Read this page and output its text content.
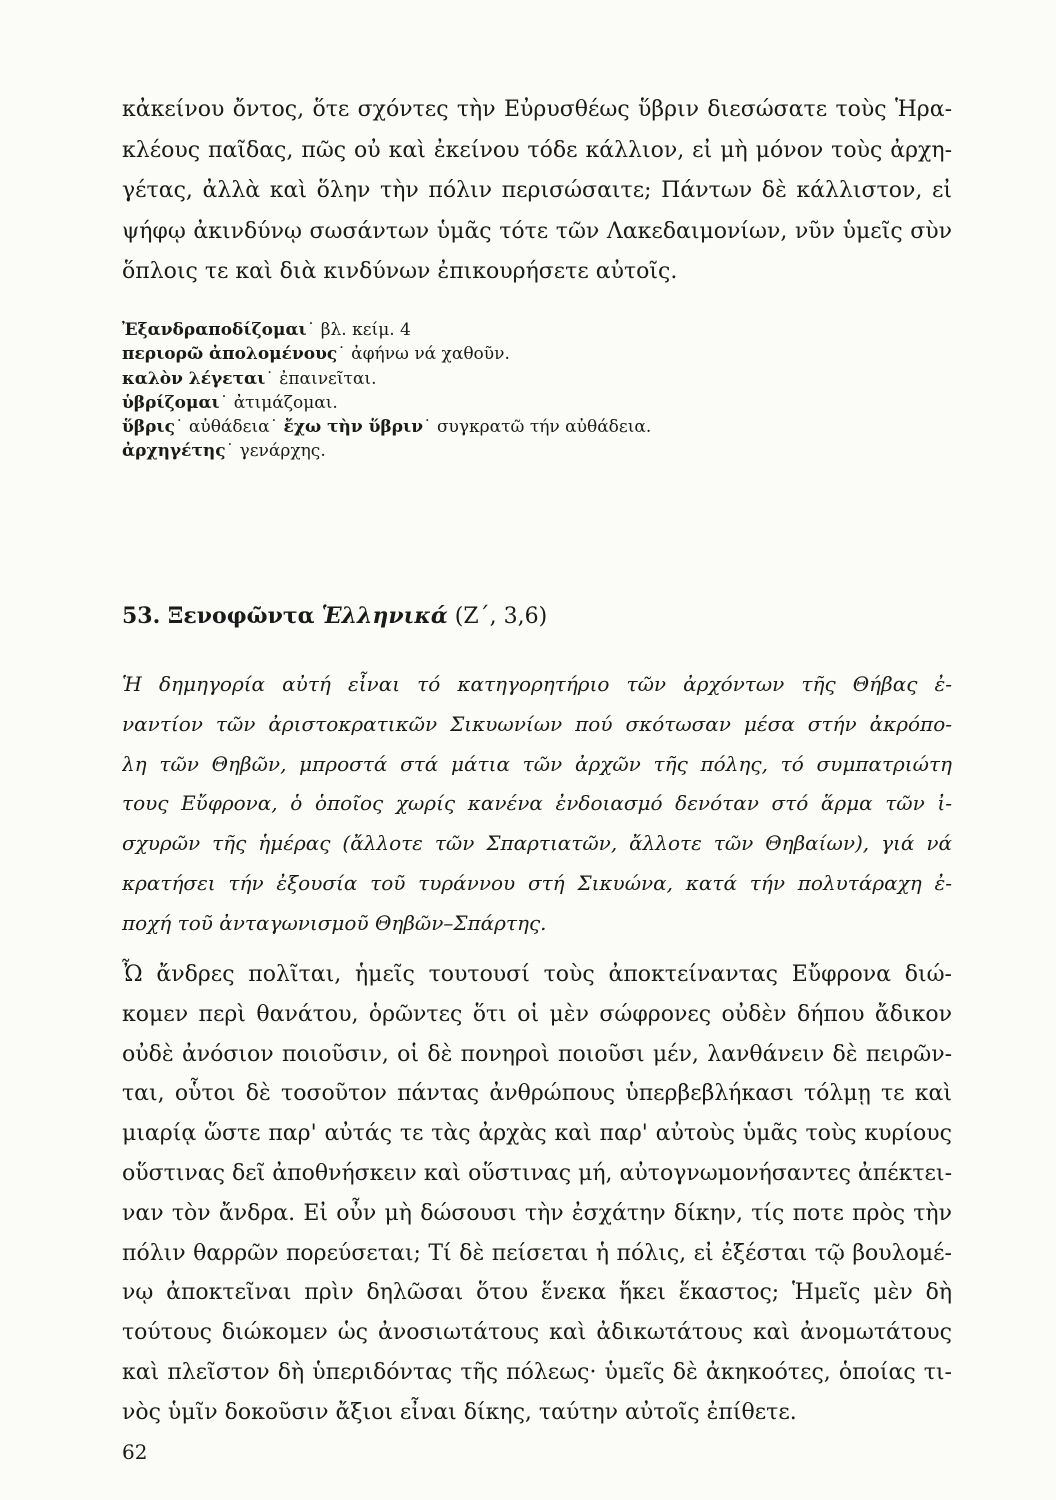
κἀκείνου ὄντος, ὅτε σχόντες τὴν Εὐρυσθέως ὕβριν διεσώσατε τοὺς Ἡρα-
κλέους παῖδας, πῶς οὐ καὶ ἐκείνου τόδε κάλλιον, εἰ μὴ μόνον τοὺς ἀρχη-
γέτας, ἀλλὰ καὶ ὅλην τὴν πόλιν περισώσαιτε; Πάντων δὲ κάλλιστον, εἰ
ψήφῳ ἀκινδύνῳ σωσάντων ὑμᾶς τότε τῶν Λακεδαιμονίων, νῦν ὑμεῖς σὺν
ὅπλοις τε καὶ διὰ κινδύνων ἐπικουρήσετε αὐτοῖς.
Ἐξανδραποδίζομαι˙ βλ. κείμ. 4
περιορῶ ἀπολομένους˙ ἀφήνω νά χαθοῦν.
καλὸν λέγεται˙ ἐπαινεῖται.
ὑβρίζομαι˙ ἀτιμάζομαι.
ὕβρις˙ αὐθάδεια˙ ἔχω τὴν ὕβριν˙ συγκρατῶ τήν αὐθάδεια.
ἀρχηγέτης˙ γενάρχης.
53. Ξενοφῶντα Ἑλληνικά (Ζ΄, 3,6)
Ἡ δημηγορία αὐτή εἶναι τό κατηγορητήριο τῶν ἀρχόντων τῆς Θήβας ἐ-
ναντίον τῶν ἀριστοκρατικῶν Σικυωνίων πού σκότωσαν μέσα στήν ἀκρόπο-
λη τῶν Θηβῶν, μπροστά στά μάτια τῶν ἀρχῶν τῆς πόλης, τό συμπατριώτη
τους Εὔφρονα, ὁ ὁποῖος χωρίς κανένα ἐνδοιασμό δενόταν στό ἅρμα τῶν ἰ-
σχυρῶν τῆς ἡμέρας (ἄλλοτε τῶν Σπαρτιατῶν, ἄλλοτε τῶν Θηβαίων), γιά νά
κρατήσει τήν ἐξουσία τοῦ τυράννου στή Σικυώνα, κατά τήν πολυτάραχη ἐ-
ποχή τοῦ ἀνταγωνισμοῦ Θηβῶν–Σπάρτης.
Ὦ ἄνδρες πολῖται, ἡμεῖς τουτουσί τοὺς ἀποκτείναντας Εὔφρονα διώ-
κομεν περὶ θανάτου, ὁρῶντες ὅτι οἱ μὲν σώφρονες οὐδὲν δήπου ἄδικον
οὐδὲ ἀνόσιον ποιοῦσιν, οἱ δὲ πονηροὶ ποιοῦσι μέν, λανθάνειν δὲ πειρῶν-
ται, οὗτοι δὲ τοσοῦτον πάντας ἀνθρώπους ὑπερβεβλήκασι τόλμῃ τε καὶ
μιαρίᾳ ὥστε παρ' αὐτάς τε τὰς ἀρχὰς καὶ παρ' αὐτοὺς ὑμᾶς τοὺς κυρίους
οὕστινας δεῖ ἀποθνήσκειν καὶ οὕστινας μή, αὐτογνωμονήσαντες ἀπέκτει-
ναν τὸν ἄνδρα. Εἰ οὖν μὴ δώσουσι τὴν ἐσχάτην δίκην, τίς ποτε πρὸς τὴν
πόλιν θαρρῶν πορεύσεται; Τί δὲ πείσεται ἡ πόλις, εἰ ἐξέσται τῷ βουλομέ-
νῳ ἀποκτεῖναι πρὶν δηλῶσαι ὅτου ἕνεκα ἥκει ἕκαστος; Ἡμεῖς μὲν δὴ
τούτους διώκομεν ὡς ἀνοσιωτάτους καὶ ἀδικωτάτους καὶ ἀνομωτάτους
καὶ πλεῖστον δὴ ὑπεριδόντας τῆς πόλεως· ὑμεῖς δὲ ἀκηκοότες, ὁποίας τι-
νὸς ὑμῖν δοκοῦσιν ἄξιοι εἶναι δίκης, ταύτην αὐτοῖς ἐπίθετε.
62
